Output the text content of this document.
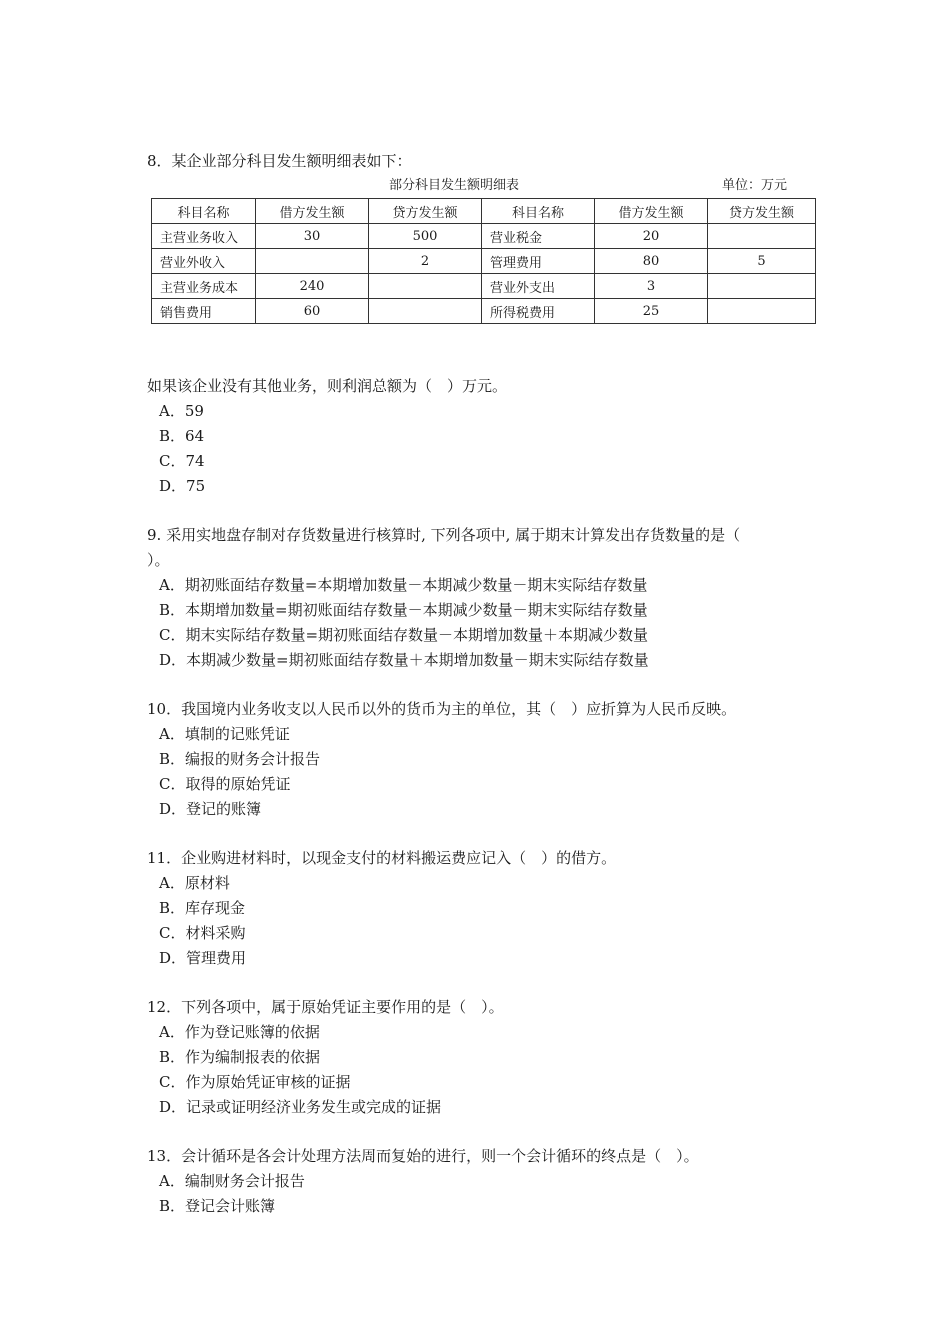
8．某企业部分科目发生额明细表如下：
部分科目发生额明细表	单位：万元
科目名称	借方发生额	贷方发生额	科目名称	借方发生额	贷方发生额
主营业务收入	30	500	营业税金	20	
营业外收入		2	管理费用	80	5
主营业务成本	240		营业外支出	3	
销售费用	60		所得税费用	25	
如果该企业没有其他业务，则利润总额为（　）万元。
A．59
B．64
C．74
D．75
9. 采用实地盘存制对存货数量进行核算时, 下列各项中, 属于期末计算发出存货数量的是（
）。
A．期初账面结存数量=本期增加数量－本期减少数量－期末实际结存数量
B．本期增加数量=期初账面结存数量－本期减少数量－期末实际结存数量
C．期末实际结存数量=期初账面结存数量－本期增加数量＋本期减少数量
D．本期减少数量=期初账面结存数量＋本期增加数量－期末实际结存数量
10．我国境内业务收支以人民币以外的货币为主的单位，其（　）应折算为人民币反映。
A．填制的记账凭证
B．编报的财务会计报告
C．取得的原始凭证
D．登记的账簿
11．企业购进材料时，以现金支付的材料搬运费应记入（　）的借方。
A．原材料
B．库存现金
C．材料采购
D．管理费用
12．下列各项中，属于原始凭证主要作用的是（　）。
A．作为登记账簿的依据
B．作为编制报表的依据
C．作为原始凭证审核的证据
D．记录或证明经济业务发生或完成的证据
13．会计循环是各会计处理方法周而复始的进行，则一个会计循环的终点是（　）。
A．编制财务会计报告
B．登记会计账簿
